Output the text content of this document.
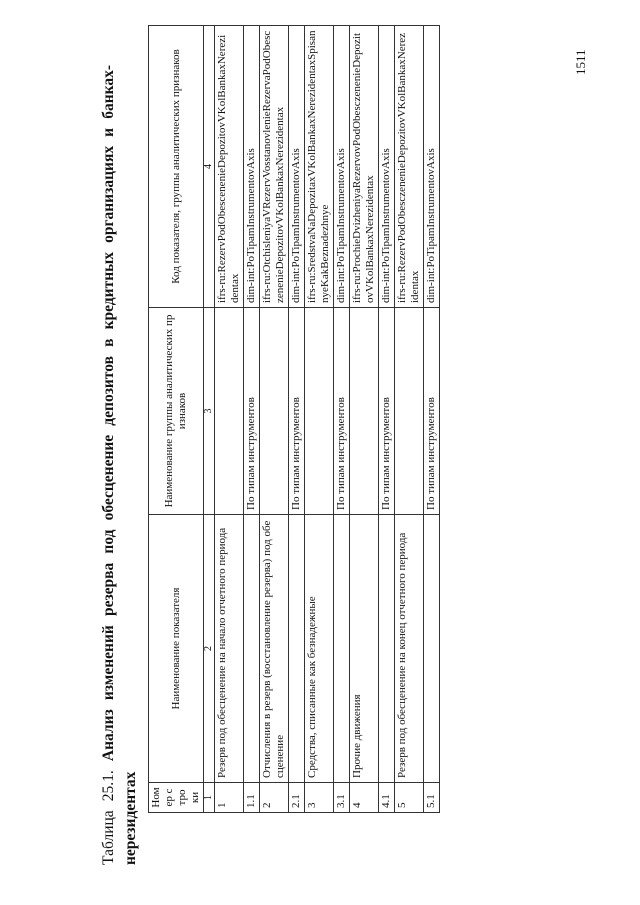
Таблица 25.1. Анализ изменений резерва под обесценение депозитов в кредитных организациях и банках-нерезидентах
1511
Номер строки	Наименование показателя	Наименование группы аналитических признаков	Код показателя, группы аналитических признаков
1	2	3	4
1	Резерв под обесценение на начало отчетного периода		ifrs-ru:RezervPodObescenenieDepozitovVKolBankaxNerezidentax
1.1		По типам инструментов	dim-int:PoTipamInstrumentovAxis
2	Отчисления в резерв (восстановление резерва) под обесценение		ifrs-ru:OtchisleniyaVRezervVosstanovlenieRezervaPodObesczenenieDepozitovVKolBankaxNerezidentax
2.1		По типам инструментов	dim-int:PoTipamInstrumentovAxis
3	Средства, списанные как безнадежные		ifrs-ru:SredstvaNaDepozitaxVKolBankaxNerezidentaxSpisannyeKakBeznadezhnye
3.1		По типам инструментов	dim-int:PoTipamInstrumentovAxis
4	Прочие движения		ifrs-ru:ProchieDvizheniyaRezervovPodObesczenenieDepozitovVKolBankaxNerezidentax
4.1		По типам инструментов	dim-int:PoTipamInstrumentovAxis
5	Резерв под обесценение на конец отчетного периода		ifrs-ru:RezervPodObesczenenieDepozitovVKolBankaxNerezidentax
5.1		По типам инструментов	dim-int:PoTipamInstrumentovAxis
